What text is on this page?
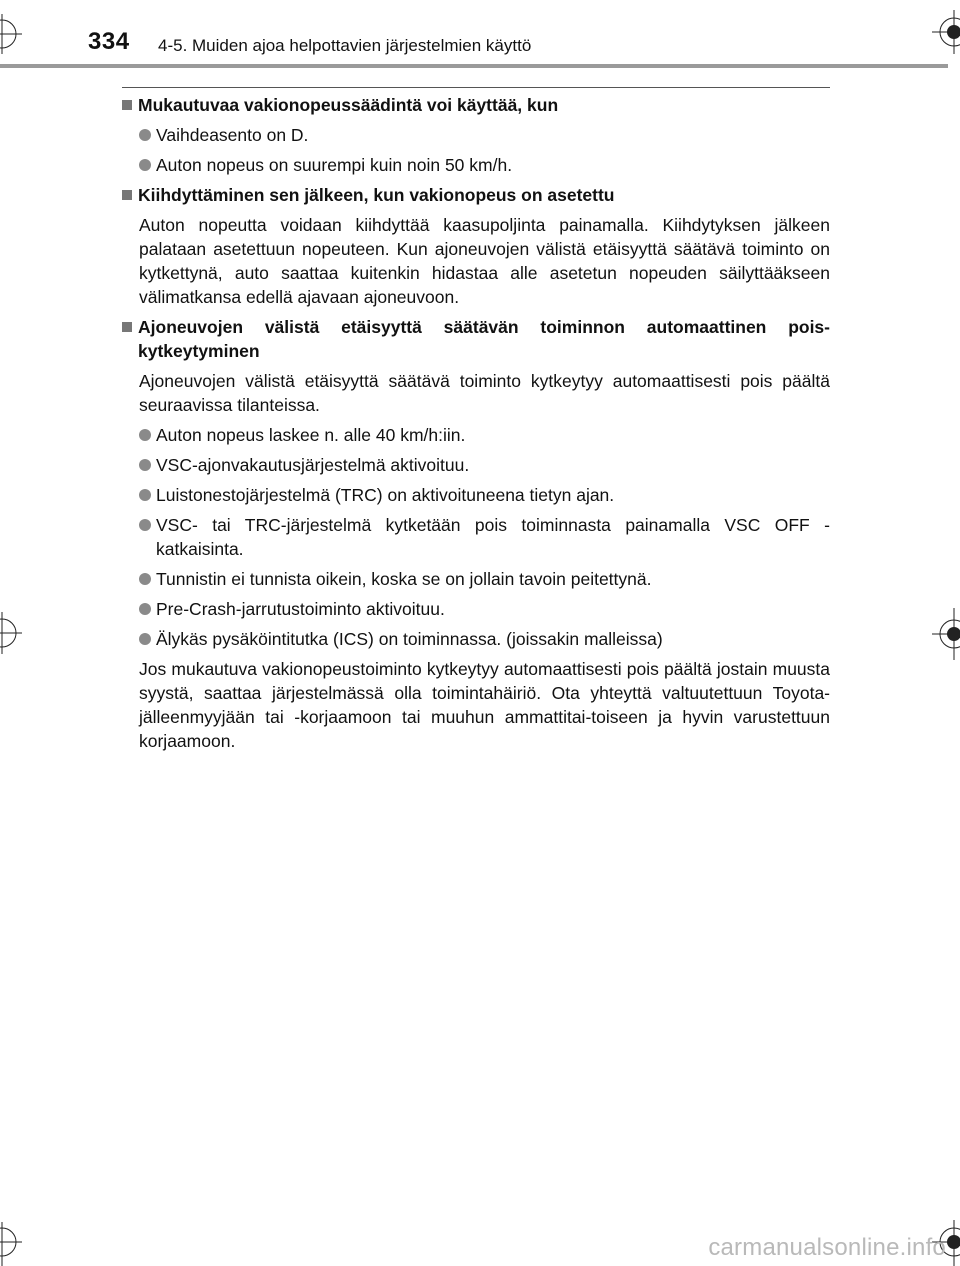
334 4-5. Muiden ajoa helpottavien järjestelmien käyttö
Mukautuvaa vakionopeussäädintä voi käyttää, kun
Vaihdeasento on D.
Auton nopeus on suurempi kuin noin 50 km/h.
Kiihdyttäminen sen jälkeen, kun vakionopeus on asetettu
Auton nopeutta voidaan kiihdyttää kaasupoljinta painamalla. Kiihdytyksen jälkeen palataan asetettuun nopeuteen. Kun ajoneuvojen välistä etäisyyttä säätävä toiminto on kytkettynä, auto saattaa kuitenkin hidastaa alle asetetun nopeuden säilyttääkseen välimatkansa edellä ajavaan ajoneuvoon.
Ajoneuvojen välistä etäisyyttä säätävän toiminnon automaattinen pois-kytkeytyminen
Ajoneuvojen välistä etäisyyttä säätävä toiminto kytkeytyy automaattisesti pois päältä seuraavissa tilanteissa.
Auton nopeus laskee n. alle 40 km/h:iin.
VSC-ajonvakautusjärjestelmä aktivoituu.
Luistonestojärjestelmä (TRC) on aktivoituneena tietyn ajan.
VSC- tai TRC-järjestelmä kytketään pois toiminnasta painamalla VSC OFF -katkaisinta.
Tunnistin ei tunnista oikein, koska se on jollain tavoin peitettynä.
Pre-Crash-jarrutustoiminto aktivoituu.
Älykäs pysäköintitutka (ICS) on toiminnassa. (joissakin malleissa)
Jos mukautuva vakionopeustoiminto kytkeytyy automaattisesti pois päältä jostain muusta syystä, saattaa järjestelmässä olla toimintahäiriö. Ota yhteyttä valtuutettuun Toyota-jälleenmyyjään tai -korjaamoon tai muuhun ammattitai-toiseen ja hyvin varustettuun korjaamoon.
carmanualsonline.info
